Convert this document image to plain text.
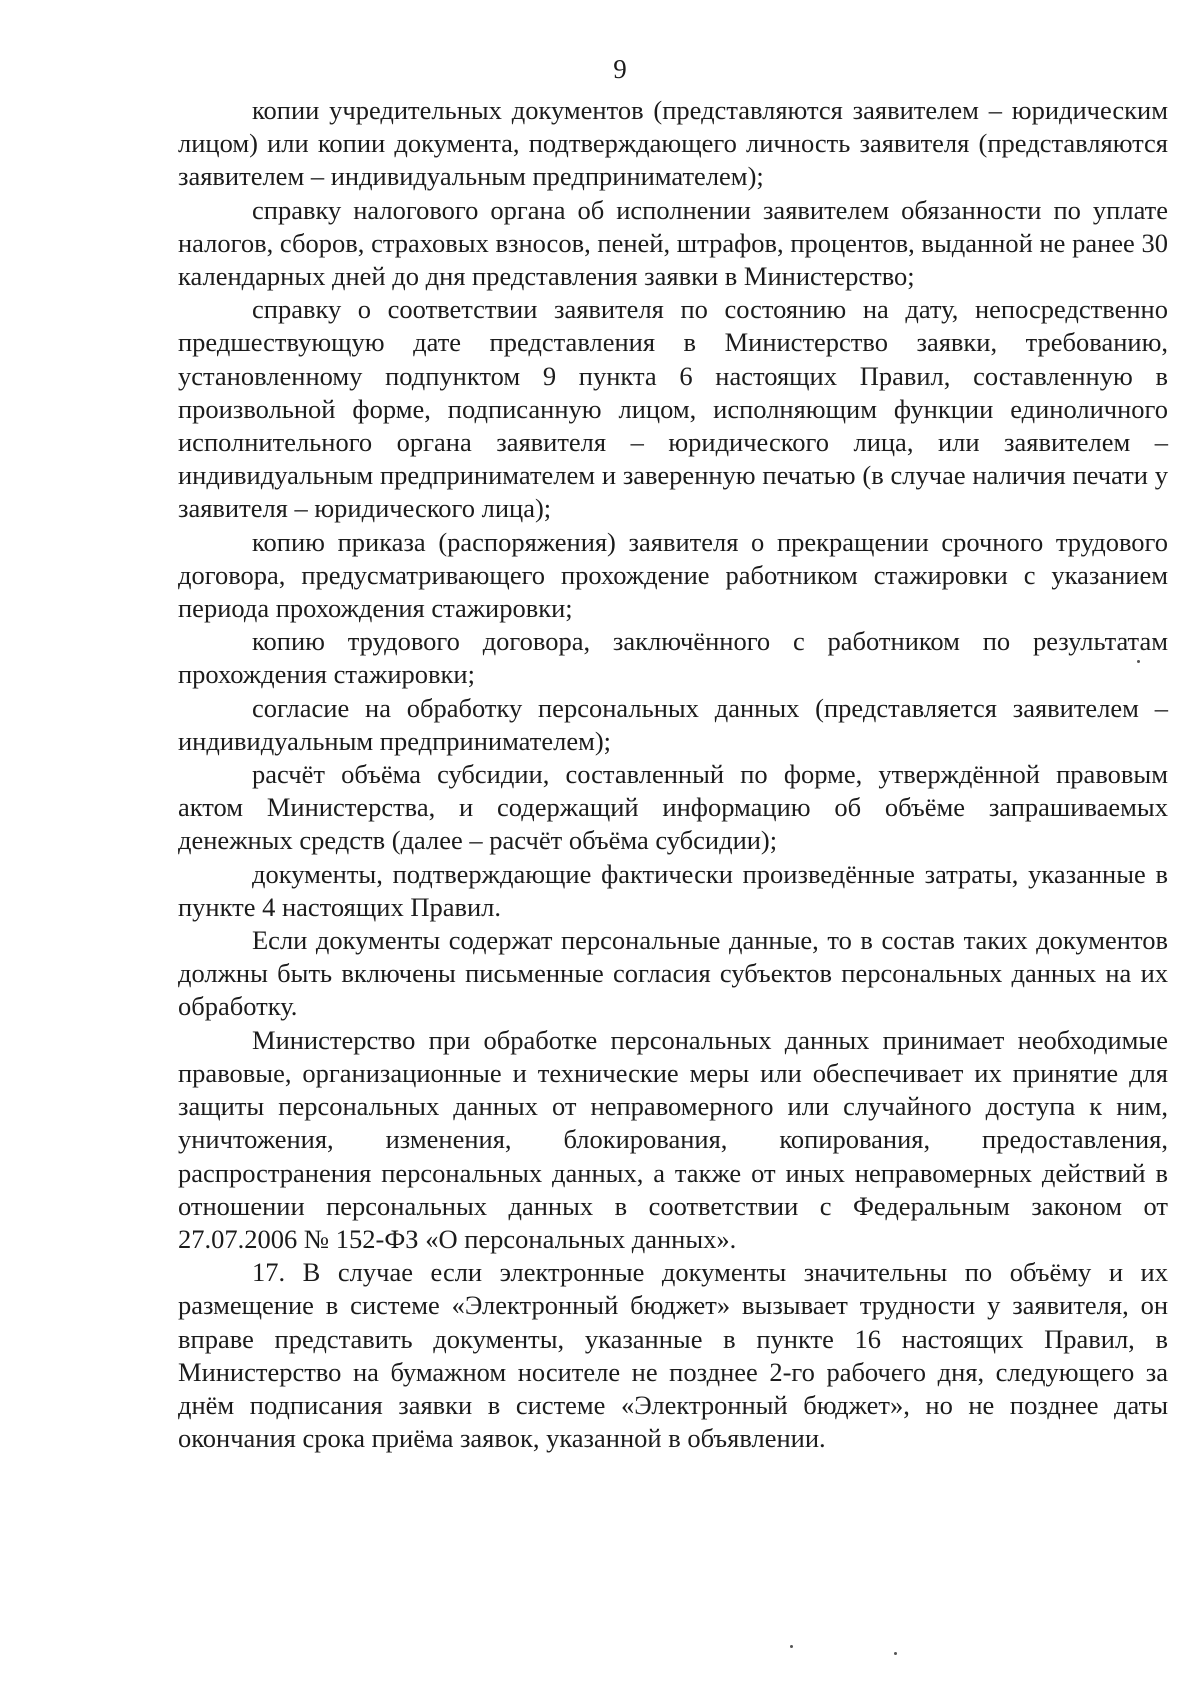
9

копии учредительных документов (представляются заявителем – юридическим лицом) или копии документа, подтверждающего личность заявителя (представляются заявителем – индивидуальным предпринимателем);

справку налогового органа об исполнении заявителем обязанности по уплате налогов, сборов, страховых взносов, пеней, штрафов, процентов, выданной не ранее 30 календарных дней до дня представления заявки в Министерство;

справку о соответствии заявителя по состоянию на дату, непосредственно предшествующую дате представления в Министерство заявки, требованию, установленному подпунктом 9 пункта 6 настоящих Правил, составленную в произвольной форме, подписанную лицом, исполняющим функции единоличного исполнительного органа заявителя – юридического лица, или заявителем – индивидуальным предпринимателем и заверенную печатью (в случае наличия печати у заявителя – юридического лица);

копию приказа (распоряжения) заявителя о прекращении срочного трудового договора, предусматривающего прохождение работником стажировки с указанием периода прохождения стажировки;

копию трудового договора, заключённого с работником по результатам прохождения стажировки;

согласие на обработку персональных данных (представляется заявителем – индивидуальным предпринимателем);

расчёт объёма субсидии, составленный по форме, утверждённой правовым актом Министерства, и содержащий информацию об объёме запрашиваемых денежных средств (далее – расчёт объёма субсидии);

документы, подтверждающие фактически произведённые затраты, указанные в пункте 4 настоящих Правил.

Если документы содержат персональные данные, то в состав таких документов должны быть включены письменные согласия субъектов персональных данных на их обработку.

Министерство при обработке персональных данных принимает необходимые правовые, организационные и технические меры или обеспечивает их принятие для защиты персональных данных от неправомерного или случайного доступа к ним, уничтожения, изменения, блокирования, копирования, предоставления, распространения персональных данных, а также от иных неправомерных действий в отношении персональных данных в соответствии с Федеральным законом от 27.07.2006 № 152-ФЗ «О персональных данных».

17. В случае если электронные документы значительны по объёму и их размещение в системе «Электронный бюджет» вызывает трудности у заявителя, он вправе представить документы, указанные в пункте 16 настоящих Правил, в Министерство на бумажном носителе не позднее 2-го рабочего дня, следующего за днём подписания заявки в системе «Электронный бюджет», но не позднее даты окончания срока приёма заявок, указанной в объявлении.
